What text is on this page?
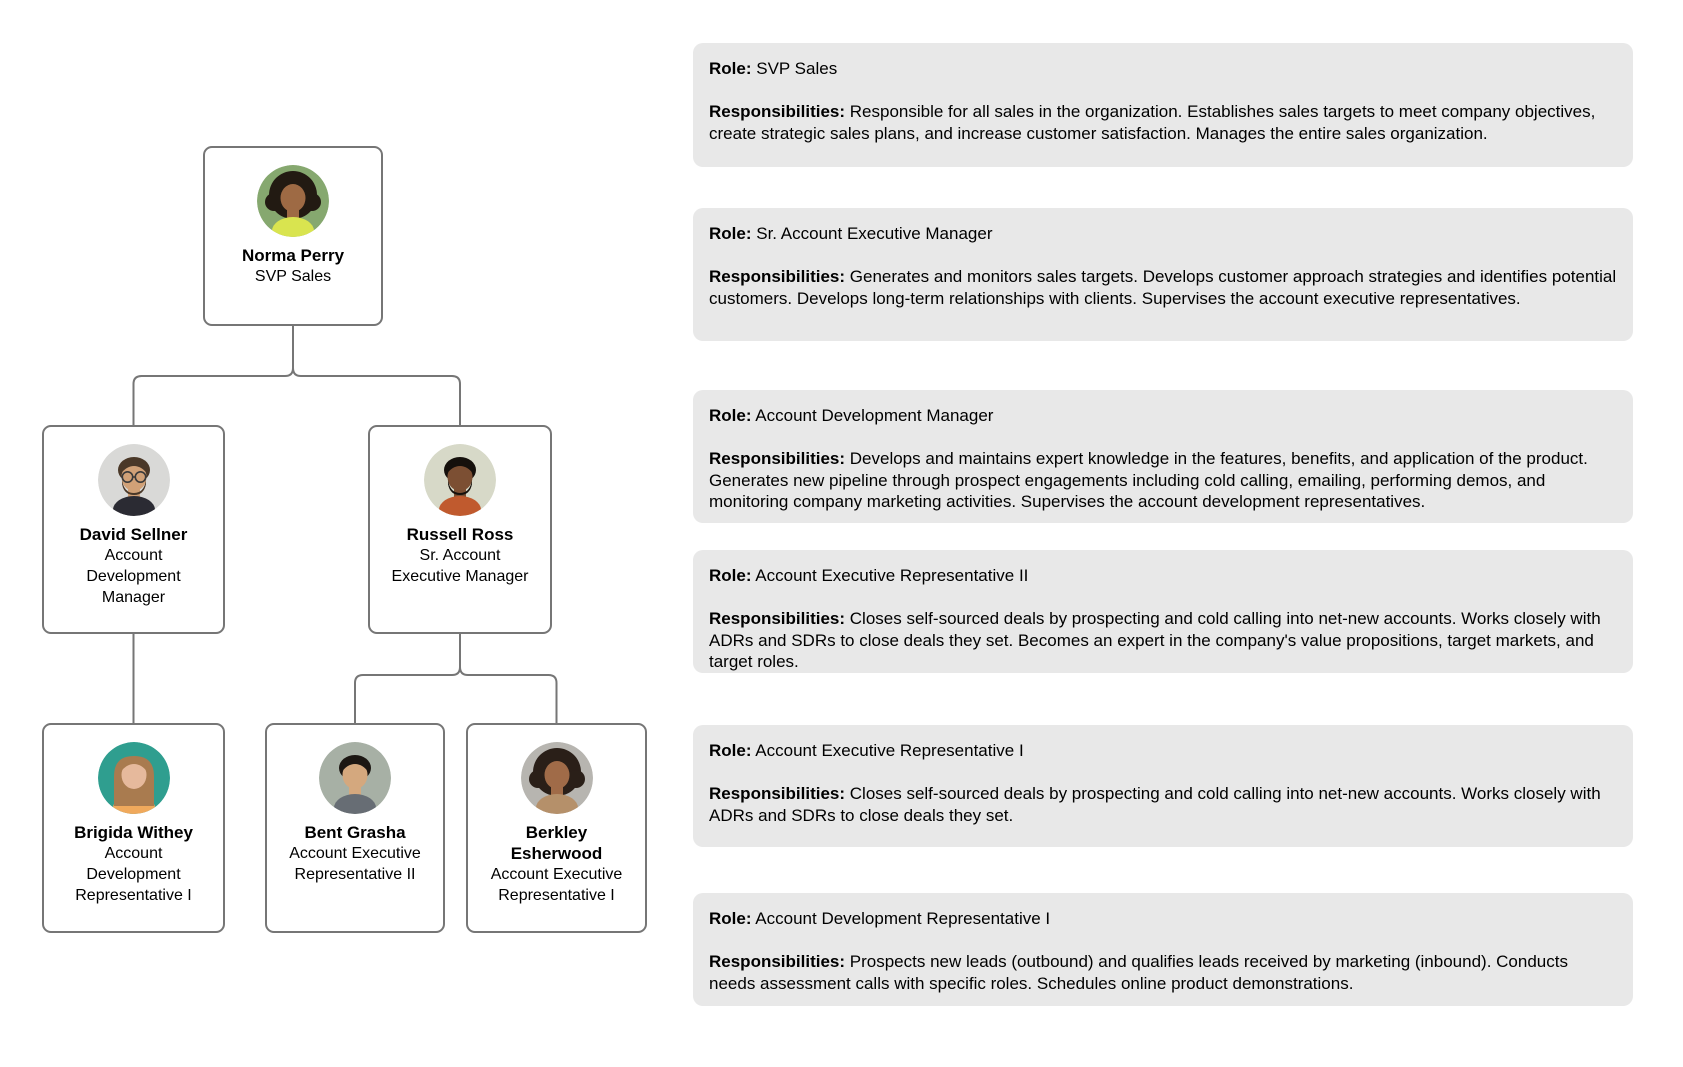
Norma Perry
SVP Sales
David Sellner
Account Development Manager
Russell Ross
Sr. Account Executive Manager
Brigida Withey
Account Development Representative I
Bent Grasha
Account Executive Representative II
Berkley Esherwood
Account Executive Representative I
Role: SVP Sales
Responsibilities: Responsible for all sales in the organization. Establishes sales targets to meet company objectives, create strategic sales plans, and increase customer satisfaction. Manages the entire sales organization.
Role: Sr. Account Executive Manager
Responsibilities: Generates and monitors sales targets. Develops customer approach strategies and identifies potential customers. Develops long-term relationships with clients. Supervises the account executive representatives.
Role: Account Development Manager
Responsibilities: Develops and maintains expert knowledge in the features, benefits, and application of the product. Generates new pipeline through prospect engagements including cold calling, emailing, performing demos, and monitoring company marketing activities. Supervises the account development representatives.
Role: Account Executive Representative II
Responsibilities: Closes self-sourced deals by prospecting and cold calling into net-new accounts. Works closely with ADRs and SDRs to close deals they set. Becomes an expert in the company's value propositions, target markets, and target roles.
Role: Account Executive Representative I
Responsibilities: Closes self-sourced deals by prospecting and cold calling into net-new accounts. Works closely with ADRs and SDRs to close deals they set.
Role: Account Development Representative I
Responsibilities: Prospects new leads (outbound) and qualifies leads received by marketing (inbound). Conducts needs assessment calls with specific roles. Schedules online product demonstrations.
